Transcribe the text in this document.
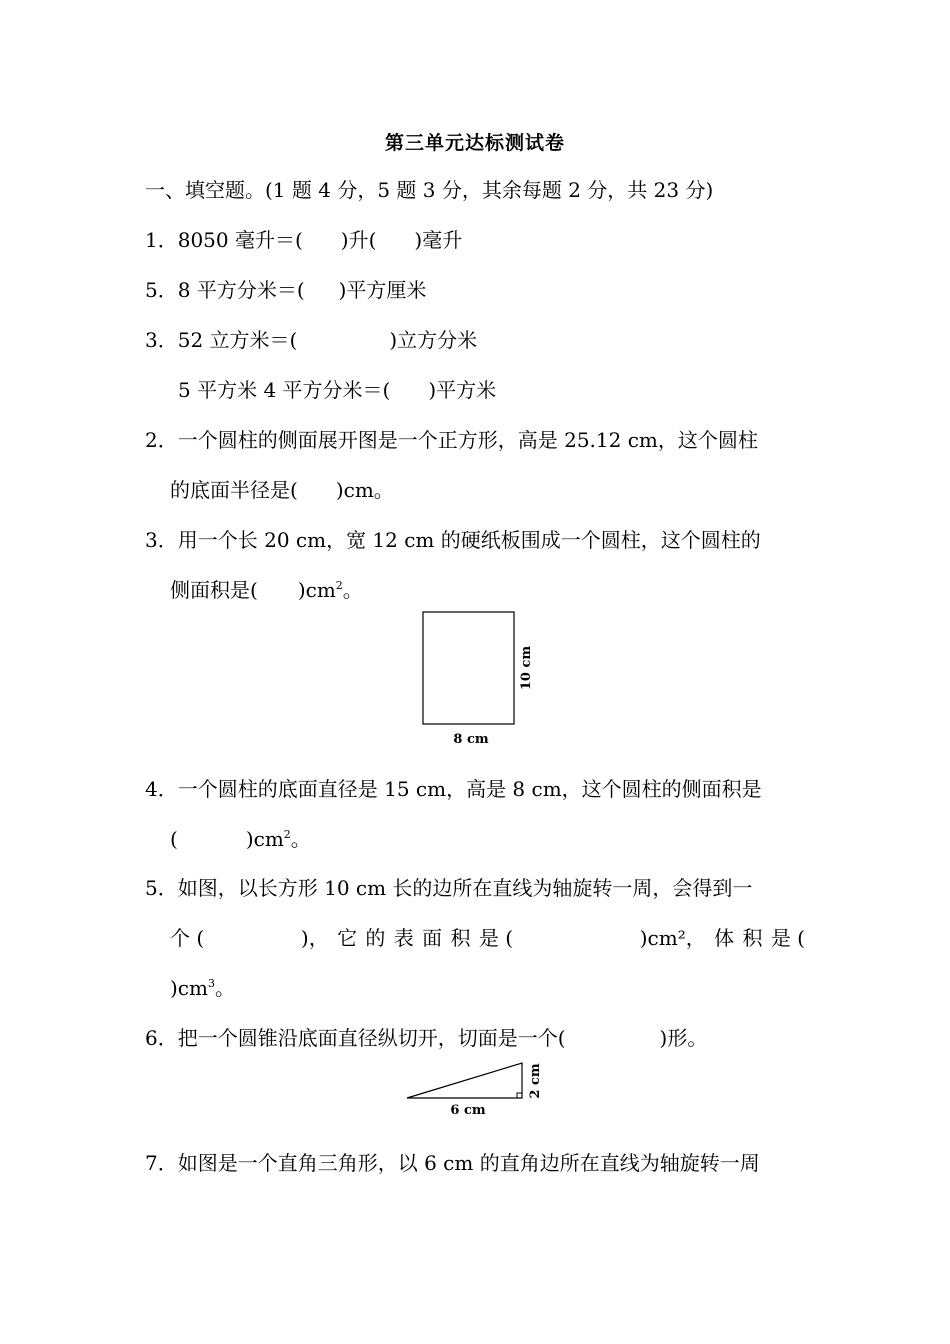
第三单元达标测试卷
一、填空题。(1 题 4 分，5 题 3 分，其余每题 2 分，共 23 分)
1．8050 毫升＝( )升( )毫升
5．8 平方分米＝( )平方厘米
3．52 立方米＝(	)立方分米
5 平方米 4 平方分米＝( )平方米
2．一个圆柱的侧面展开图是一个正方形，高是 25.12 cm，这个圆柱
的底面半径是( )cm。
3．用一个长 20 cm，宽 12 cm 的硬纸板围成一个圆柱，这个圆柱的
侧面积是( )$cm^2$。
10 cm
8 cm
4．一个圆柱的底面直径是 15 cm，高是 8 cm，这个圆柱的侧面积是
(	)$cm^2$。
5．如图，以长方形 10 cm 长的边所在直线为轴旋转一周，会得到一
个 (	)， 它 的 表 面 积 是 (	)cm²， 体 积 是 (
)$cm^3$。
6．把一个圆锥沿底面直径纵切开，切面是一个(	)形。
2 cm
6 cm
7．如图是一个直角三角形，以 6 cm 的直角边所在直线为轴旋转一周
